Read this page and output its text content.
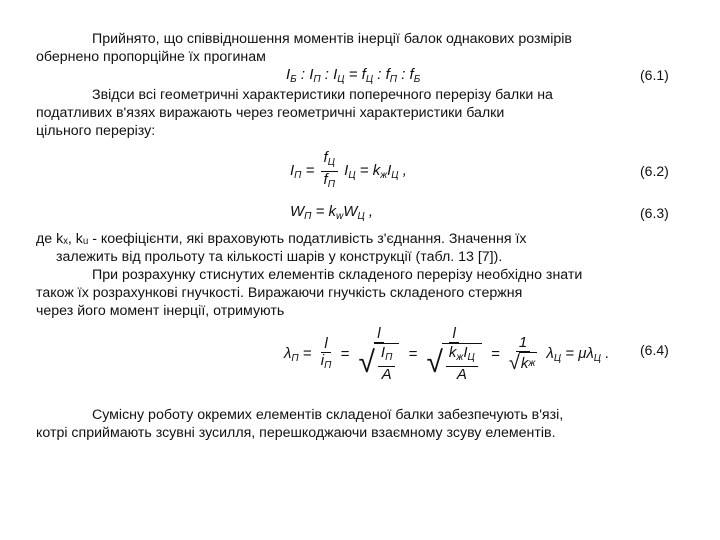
Прийнято, що співвідношення моментів інерції балок однакових розмірів
обернено пропорційне їх прогинам
$I_Б$ : $I_П$ : $I_Ц = f_Ц$ : $f_П$ : $f_Б$	(6.1)
Звідси всі геометричні характеристики поперечного перерізу балки на
податливих в'язях виражають через геометричні характеристики балки
цільного перерізу:
$I_П = \frac{f_Ц}{f_П} I_Ц = k_жI_Ц$ ,	(6.2)
$W_П = k_wW_Ц$ ,	(6.3)
де kₓ, kᵤ - коефіцієнти, які враховують податливість з'єднання. Значення їх
залежить від прольоту та кількості шарів у конструкції (табл. 13 [7]).
При розрахунку стиснутих елементів складеного перерізу необхідно знати
також їх розрахункові гнучкості. Виражаючи гнучкість складеного стержня
через його момент інерції, отримують
$\lambda_П = \frac{l}{i_П} = \frac{l}{√ \frac{I_П}{A}} = \frac{l}{√ \frac{k_жI_Ц}{A}} = \frac{1}{\text{√ k ж}} \lambda_Ц = \mu\lambda_Ц$ . (6.4)
Сумісну роботу окремих елементів складеної балки забезпечують в'язі,
котрі сприймають зсувні зусилля, перешкоджаючи взаємному зсуву елементів.
